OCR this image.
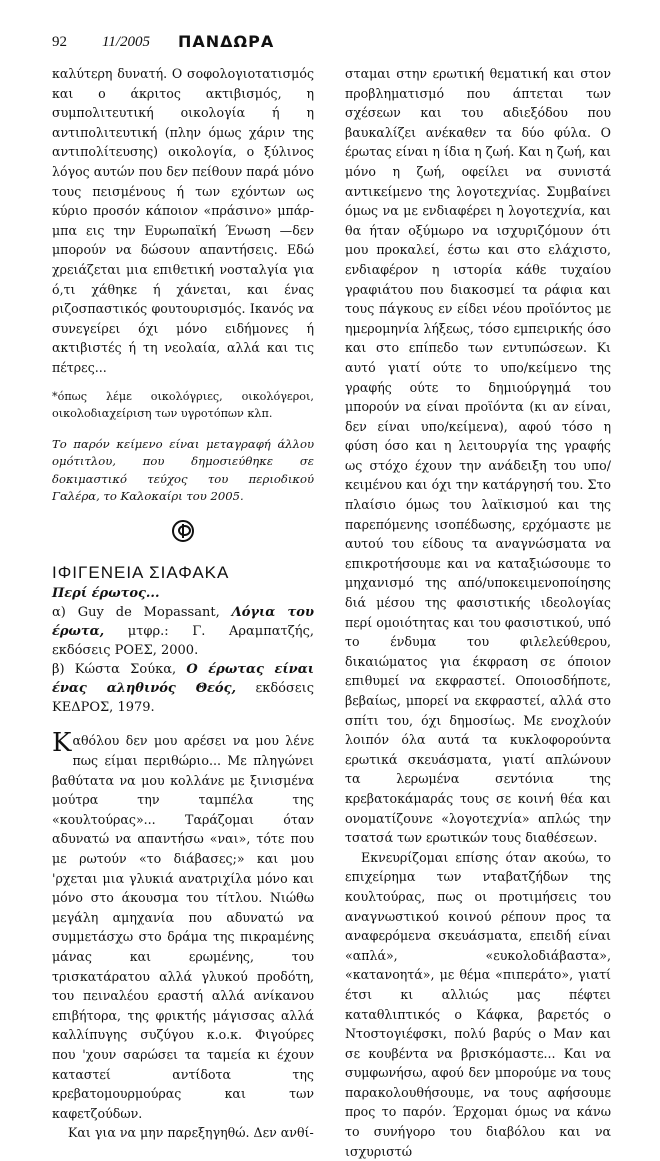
92 11/2005 ΠΑΝΔΩΡΑ

καλύτερη δυνατή. Ο σοφολογιοτατισμός και ο άκριτος ακτιβισμός, η συμπολιτευτική οικολογία ή η αντιπολιτευτική (πλην όμως χάριν της αντιπολίτευσης) οικολογία, ο ξύλινος λόγος αυτών που δεν πείθουν παρά μόνο τους πεισμένους ή των εχόντων ως κύριο προσόν κάποιον «πράσινο» μπάρ-μπα εις την Ευρωπαϊκή Ένωση —δεν μπορούν να δώσουν απαντήσεις. Εδώ χρειάζεται μια επιθετική νοσταλγία για ό,τι χάθηκε ή χάνεται, και ένας ριζοσπαστικός φουτουρισμός. Ικανός να συνεγείρει όχι μόνο ειδήμονες ή ακτιβιστές ή τη νεολαία, αλλά και τις πέτρες...

*όπως λέμε οικολόγριες, οικολόγεροι, οικολοδιαχείριση των υγροτόπων κλπ.

Το παρόν κείμενο είναι μεταγραφή άλλου ομότιτλου, που δημοσιεύθηκε σε δοκιμαστικό τεύχος του περιοδικού Γαλέρα, το Καλοκαίρι του 2005.

ΙΦΙΓΕΝΕΙΑ ΣΙΑΦΑΚΑ

Περί έρωτος...

α) Guy de Mopassant, Λόγια του έρωτα, μτφρ.: Γ. Αραμπατζής, εκδόσεις ΡΟΕΣ, 2000.

β) Κώστα Σούκα, Ο έρωτας είναι ένας αληθινός Θεός, εκδόσεις ΚΕΔΡΟΣ, 1979.

Καθόλου δεν μου αρέσει να μου λένε πως είμαι περιθώριο... Με πληγώνει βαθύτατα να μου κολλάνε με ξινισμένα μούτρα την ταμπέλα της «κουλτούρας»... Ταράζομαι όταν αδυνατώ να απαντήσω «ναι», τότε που με ρωτούν «το διάβασες;» και μου 'ρχεται μια γλυκιά ανατριχίλα μόνο και μόνο στο άκουσμα του τίτλου. Νιώθω μεγάλη αμηχανία που αδυνατώ να συμμετάσχω στο δράμα της πικραμένης μάνας και ερωμένης, του τρισκατάρατου αλλά γλυκού προδότη, του πειναλέου εραστή αλλά ανίκανου επιβήτορα, της φρικτής μάγισσας αλλά καλλίπυγης συζύγου κ.ο.κ. Φιγούρες που 'χουν σαρώσει τα ταμεία κι έχουν καταστεί αντίδοτα της κρεβατομουρμούρας και των καφετζούδων.

Και για να μην παρεξηγηθώ. Δεν ανθί-

σταμαι στην ερωτική θεματική και στον προβληματισμό που άπτεται των σχέσεων και του αδιεξόδου που βαυκαλίζει ανέκαθεν τα δύο φύλα. Ο έρωτας είναι η ίδια η ζωή. Και η ζωή, και μόνο η ζωή, οφείλει να συνιστά αντικείμενο της λογοτεχνίας. Συμβαίνει όμως να με ενδιαφέρει η λογοτεχνία, και θα ήταν οξύμωρο να ισχυριζόμουν ότι μου προκαλεί, έστω και στο ελάχιστο, ενδιαφέρον η ιστορία κάθε τυχαίου γραφιάτου που διακοσμεί τα ράφια και τους πάγκους εν είδει νέου προϊόντος με ημερομηνία λήξεως, τόσο εμπειρικής όσο και στο επίπεδο των εντυπώσεων. Κι αυτό γιατί ούτε το υπο/κείμενο της γραφής ούτε το δημιούργημά του μπορούν να είναι προϊόντα (κι αν είναι, δεν είναι υπο/κείμενα), αφού τόσο η φύση όσο και η λειτουργία της γραφής ως στόχο έχουν την ανάδειξη του υπο/κειμένου και όχι την κατάργησή του. Στο πλαίσιο όμως του λαϊκισμού και της παρεπόμενης ισοπέδωσης, ερχόμαστε με αυτού του είδους τα αναγνώσματα να επικροτήσουμε και να καταξιώσουμε το μηχανισμό της από/υποκειμενοποίησης διά μέσου της φασιστικής ιδεολογίας περί ομοιότητας και του φασιστικού, υπό το ένδυμα του φιλελεύθερου, δικαιώματος για έκφραση σε όποιον επιθυμεί να εκφραστεί. Οποιοσδήποτε, βεβαίως, μπορεί να εκφραστεί, αλλά στο σπίτι του, όχι δημοσίως. Με ενοχλούν λοιπόν όλα αυτά τα κυκλοφορούντα ερωτικά σκευάσματα, γιατί απλώνουν τα λερωμένα σεντόνια της κρεβατοκάμαράς τους σε κοινή θέα και ονοματίζουνε «λογοτεχνία» απλώς την τσατσά των ερωτικών τους διαθέσεων.

Εκνευρίζομαι επίσης όταν ακούω, το επιχείρημα των νταβατζήδων της κουλτούρας, πως οι προτιμήσεις του αναγνωστικού κοινού ρέπουν προς τα αναφερόμενα σκευάσματα, επειδή είναι «απλά», «ευκολοδιάβαστα», «κατανοητά», με θέμα «πιπεράτο», γιατί έτσι κι αλλιώς μας πέφτει καταθλιπτικός ο Κάφκα, βαρετός ο Ντοστογιέφσκι, πολύ βαρύς ο Μαν και σε κουβέντα να βρισκόμαστε... Και να συμφωνήσω, αφού δεν μπορούμε να τους παρακολουθήσουμε, να τους αφήσουμε προς το παρόν. Έρχομαι όμως να κάνω το συνήγορο του διαβόλου και να ισχυριστώ
